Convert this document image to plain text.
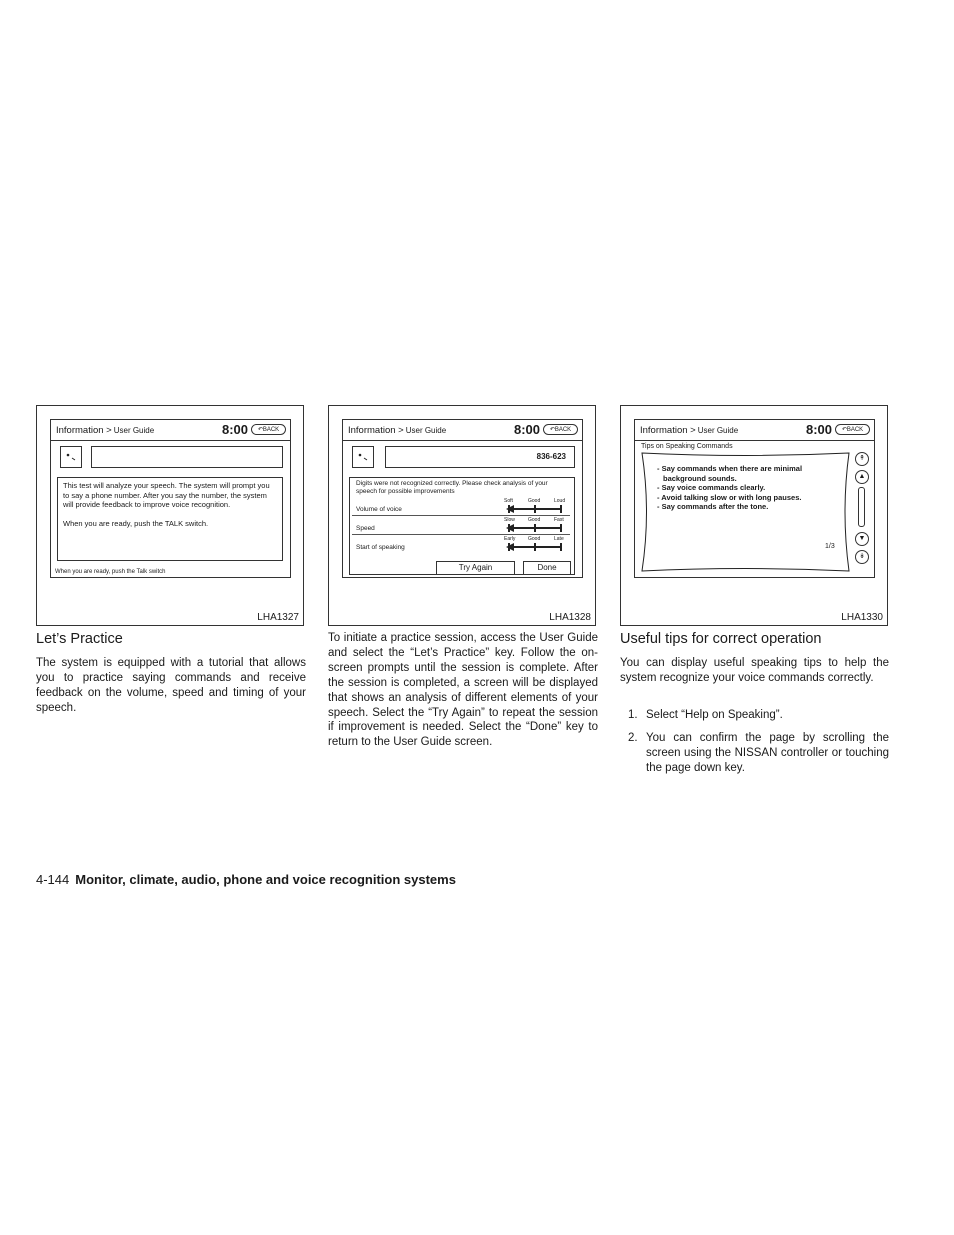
Information > User Guide	8:00	↶BACK
This test will analyze your speech. The system will prompt you to say a phone number. After you say the number, the system will provide feedback to improve voice recognition.
When you are ready, push the TALK switch.
When you are ready, push the Talk switch
LHA1327
Information > User Guide	8:00	↶BACK
836-623
Digits were not recognized correctly. Please check analysis of your speech for possible improvements
Volume of voice
Soft	Good	Loud
Speed
Slow	Good	Fast
Start of speaking
Early	Good	Late
Try Again	Done
LHA1328
Information > User Guide	8:00	↶BACK
Tips on Speaking Commands
- Say commands when there are minimal
background sounds.
- Say voice commands clearly.
- Avoid talking slow or with long pauses.
- Say commands after the tone.
1/3
↟
▲
▼
↡
LHA1330
Let’s Practice

The system is equipped with a tutorial that allows you to practice saying commands and receive feedback on the volume, speed and timing of your speech.

To initiate a practice session, access the User Guide and select the “Let’s Practice” key. Follow the on-screen prompts until the session is complete. After the session is completed, a screen will be displayed that shows an analysis of different elements of your speech. Select the “Try Again” to repeat the session if improvement is needed. Select the “Done” key to return to the User Guide screen.

Useful tips for correct operation

You can display useful speaking tips to help the system recognize your voice commands correctly.

1. Select “Help on Speaking”.
2. You can confirm the page by scrolling the screen using the NISSAN controller or touching the page down key.
4-144 Monitor, climate, audio, phone and voice recognition systems
